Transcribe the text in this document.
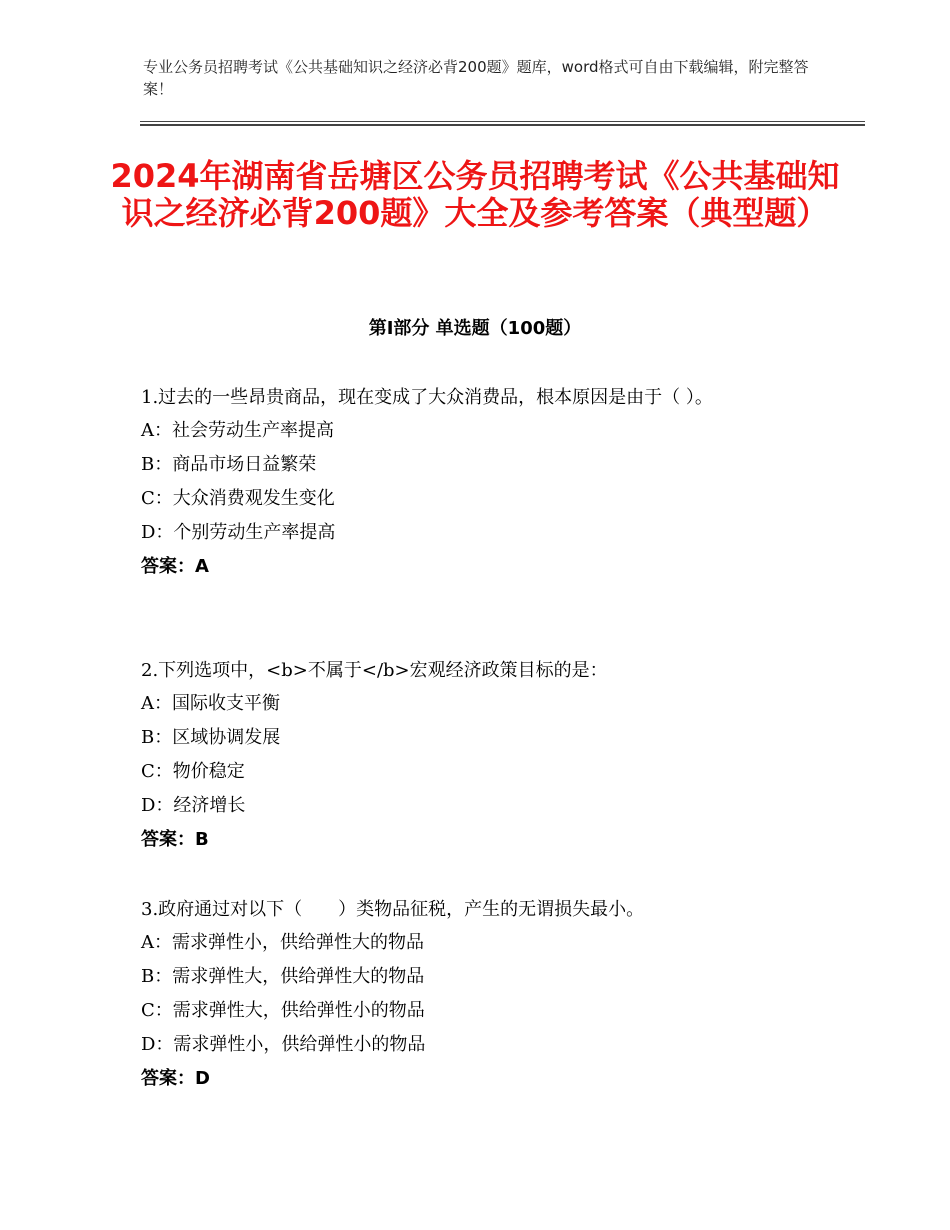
专业公务员招聘考试《公共基础知识之经济必背200题》题库，word格式可自由下载编辑，附完整答案！
2024年湖南省岳塘区公务员招聘考试《公共基础知识之经济必背200题》大全及参考答案（典型题）
第Ⅰ部分 单选题（100题）
1.过去的一些昂贵商品，现在变成了大众消费品，根本原因是由于（ ）。
A：社会劳动生产率提高
B：商品市场日益繁荣
C：大众消费观发生变化
D：个别劳动生产率提高
答案：A
2.下列选项中，<b>不属于</b>宏观经济政策目标的是：
A：国际收支平衡
B：区域协调发展
C：物价稳定
D：经济增长
答案：B
3.政府通过对以下（　　）类物品征税，产生的无谓损失最小。
A：需求弹性小，供给弹性大的物品
B：需求弹性大，供给弹性大的物品
C：需求弹性大，供给弹性小的物品
D：需求弹性小，供给弹性小的物品
答案：D
